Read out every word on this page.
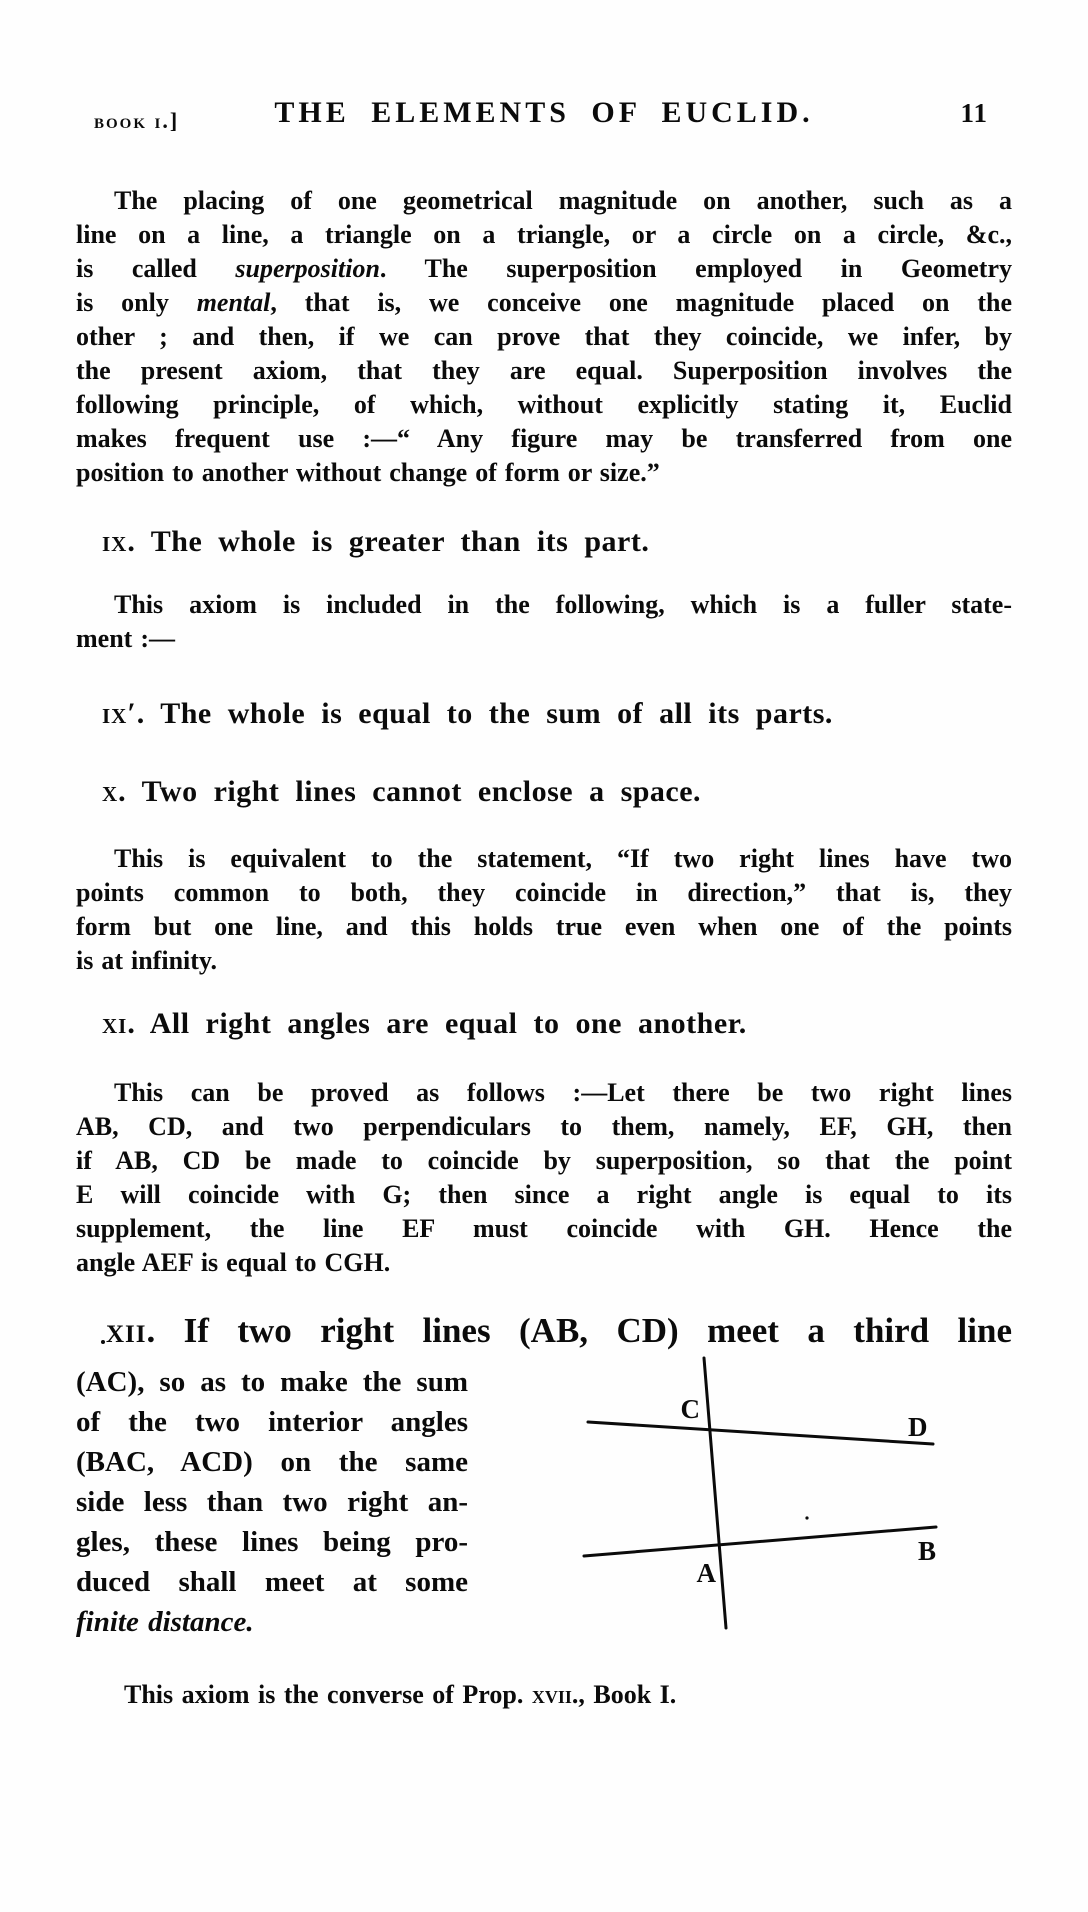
book i.]	THE ELEMENTS OF EUCLID.	11
The placing of one geometrical magnitude on another, such as a
line on a line, a triangle on a triangle, or a circle on a circle, &c.,
is called superposition. The superposition employed in Geometry
is only mental, that is, we conceive one magnitude placed on the
other ; and then, if we can prove that they coincide, we infer, by
the present axiom, that they are equal. Superposition involves the
following principle, of which, without explicitly stating it, Euclid
makes frequent use :—“ Any figure may be transferred from one
position to another without change of form or size.”
ix. The whole is greater than its part.
This axiom is included in the following, which is a fuller state-
ment :—
ix′. The whole is equal to the sum of all its parts.
x. Two right lines cannot enclose a space.
This is equivalent to the statement, “If two right lines have two
points common to both, they coincide in direction,” that is, they
form but one line, and this holds true even when one of the points
is at infinity.
xi. All right angles are equal to one another.
This can be proved as follows :—Let there be two right lines
AB, CD, and two perpendiculars to them, namely, EF, GH, then
if AB, CD be made to coincide by superposition, so that the point
E will coincide with G; then since a right angle is equal to its
supplement, the line EF must coincide with GH. Hence the
angle AEF is equal to CGH.
xii. If two right lines (AB, CD) meet a third line
(AC), so as to make the sum
of the two interior angles
(BAC, ACD) on the same
side less than two right an-
gles, these lines being pro-
duced shall meet at some
finite distance.
C
D
A
B
This axiom is the converse of Prop. xvii., Book I.
